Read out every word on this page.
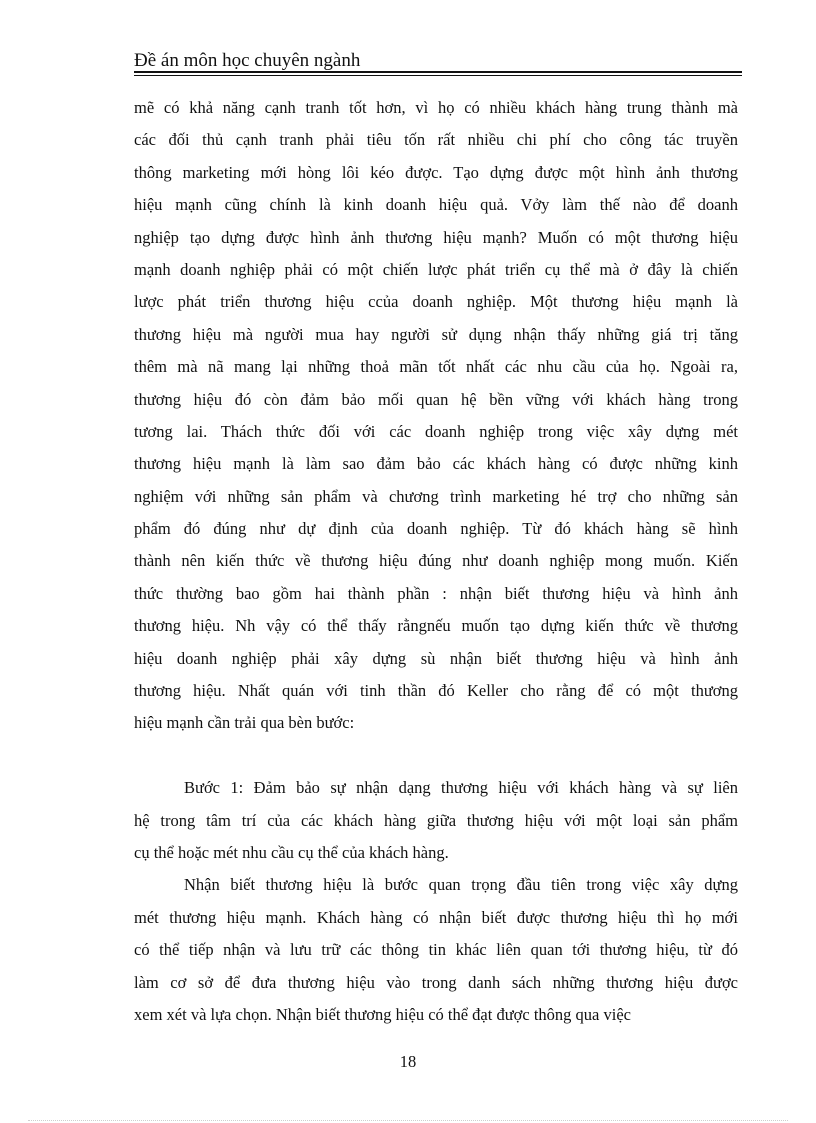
Đề án môn học chuyên ngành
mẽ có khả năng cạnh tranh tốt hơn, vì họ có nhiều khách hàng trung thành mà
các đối thủ cạnh tranh phải tiêu tốn rất nhiều chi phí cho công tác truyền
thông marketing mới hòng lôi kéo được. Tạo dựng được một hình ảnh thương
hiệu mạnh cũng chính là kinh doanh hiệu quả. Vởy làm thế nào để doanh
nghiệp tạo dựng được hình ảnh thương hiệu mạnh? Muốn có một thương hiệu
mạnh doanh nghiệp phải có một chiến lược phát triển cụ thể mà ở đây là chiến
lược phát triển thương hiệu ccủa doanh nghiệp. Một thương hiệu mạnh là
thương hiệu mà người mua hay người sử dụng nhận thấy những giá trị tăng
thêm mà nã mang lại những thoả mãn tốt nhất các nhu cầu của họ. Ngoài ra,
thương hiệu đó còn đảm bảo mối quan hệ bền vững với khách hàng trong
tương lai. Thách thức đối với các doanh nghiệp trong việc xây dựng mét
thương hiệu mạnh là làm sao đảm bảo các khách hàng có được những kinh
nghiệm với những sản phẩm và chương trình marketing hé trợ cho những sản
phẩm đó đúng như dự định của doanh nghiệp. Từ đó khách hàng sẽ hình
thành nên kiến thức về thương hiệu đúng như doanh nghiệp mong muốn. Kiến
thức thường bao gồm hai thành phần : nhận biết thương hiệu và hình ảnh
thương hiệu. Nh vậy có thể thấy rằngnếu muốn tạo dựng kiến thức về thương
hiệu doanh nghiệp phải xây dựng sù nhận biết thương hiệu và hình ảnh
thương hiệu. Nhất quán với tinh thần đó Keller cho rằng để có một thương
hiệu mạnh cần trải qua bèn bước:
Bước 1: Đảm bảo sự nhận dạng thương hiệu với khách hàng và sự liên
hệ trong tâm trí của các khách hàng giữa thương hiệu với một loại sản phẩm
cụ thể hoặc mét nhu cầu cụ thể của khách hàng.
Nhận biết thương hiệu là bước quan trọng đầu tiên trong việc xây dựng
mét thương hiệu mạnh. Khách hàng có nhận biết được thương hiệu thì họ mới
có thể tiếp nhận và lưu trữ các thông tin khác liên quan tới thương hiệu, từ đó
làm cơ sở để đưa thương hiệu vào trong danh sách những thương hiệu được
xem xét và lựa chọn. Nhận biết thương hiệu có thể đạt được thông qua việc
18
